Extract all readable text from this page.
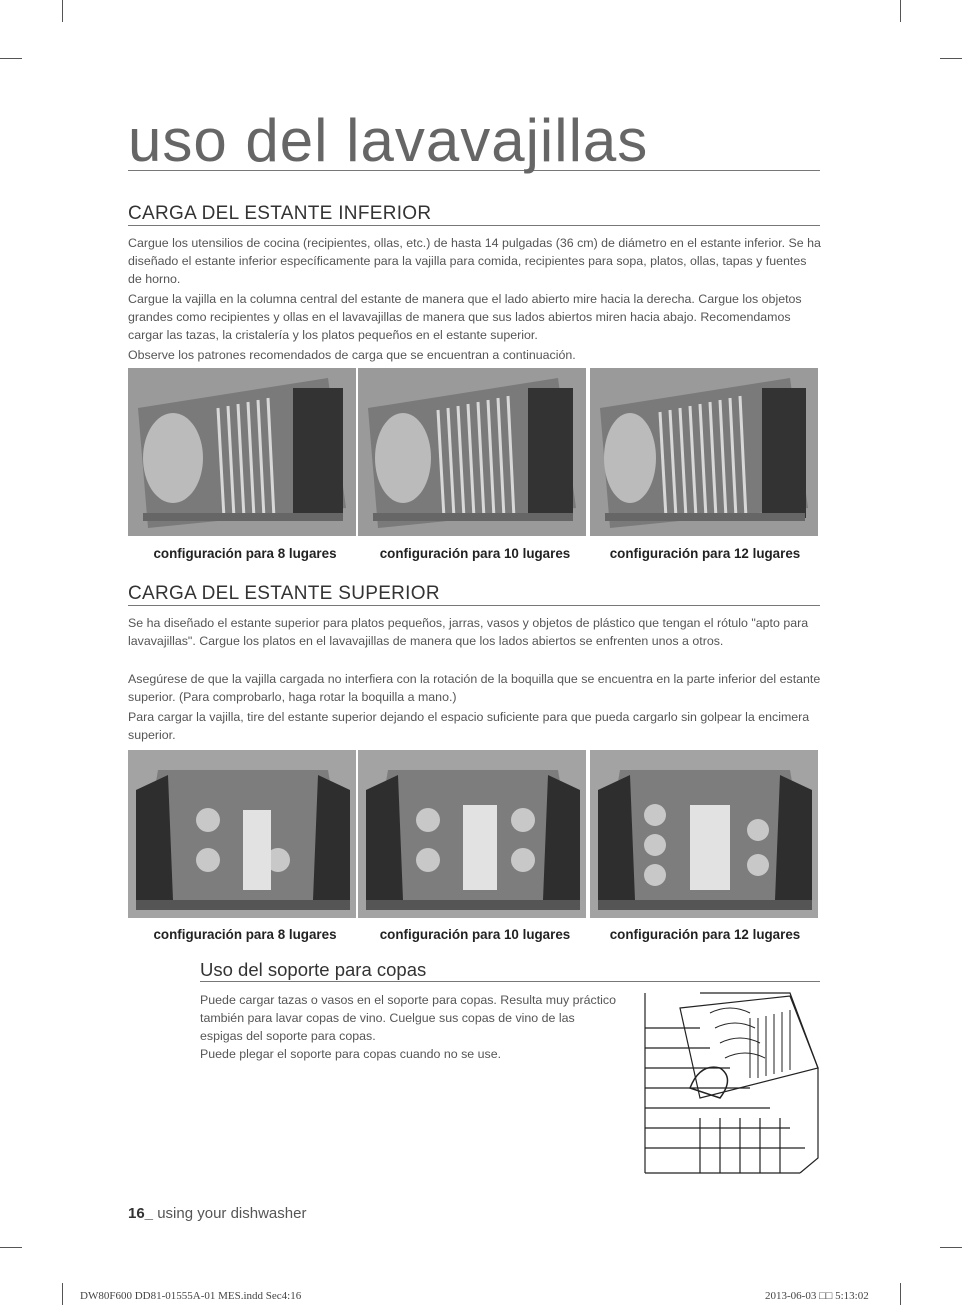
uso del lavavajillas
CARGA DEL ESTANTE INFERIOR

Cargue los utensilios de cocina (recipientes, ollas, etc.) de hasta 14 pulgadas (36 cm) de diámetro en el estante inferior. Se ha diseñado el estante inferior específicamente para la vajilla para comida, recipientes para sopa, platos, ollas, tapas y fuentes de horno.

Cargue la vajilla en la columna central del estante de manera que el lado abierto mire hacia la derecha. Cargue los objetos grandes como recipientes y ollas en el lavavajillas de manera que sus lados abiertos miren hacia abajo. Recomendamos cargar las tazas, la cristalería y los platos pequeños en el estante superior.

Observe los patrones recomendados de carga que se encuentran a continuación.

configuración para 8 lugares	configuración para 10 lugares	configuración para 12 lugares
CARGA DEL ESTANTE SUPERIOR

Se ha diseñado el estante superior para platos pequeños, jarras, vasos y objetos de plástico que tengan el rótulo "apto para lavavajillas". Cargue los platos en el lavavajillas de manera que los lados abiertos se enfrenten unos a otros.

Asegúrese de que la vajilla cargada no interfiera con la rotación de la boquilla que se encuentra en la parte inferior del estante superior. (Para comprobarlo, haga rotar la boquilla a mano.)

Para cargar la vajilla, tire del estante superior dejando el espacio suficiente para que pueda cargarlo sin golpear la encimera superior.

configuración para 8 lugares	configuración para 10 lugares	configuración para 12 lugares
Uso del soporte para copas

Puede cargar tazas o vasos en el soporte para copas. Resulta muy práctico también para lavar copas de vino. Cuelgue sus copas de vino de las espigas del soporte para copas.

Puede plegar el soporte para copas cuando no se use.

16_ using your dishwasher
DW80F600 DD81-01555A-01 MES.indd Sec4:16	2013-06-03 □□ 5:13:02
